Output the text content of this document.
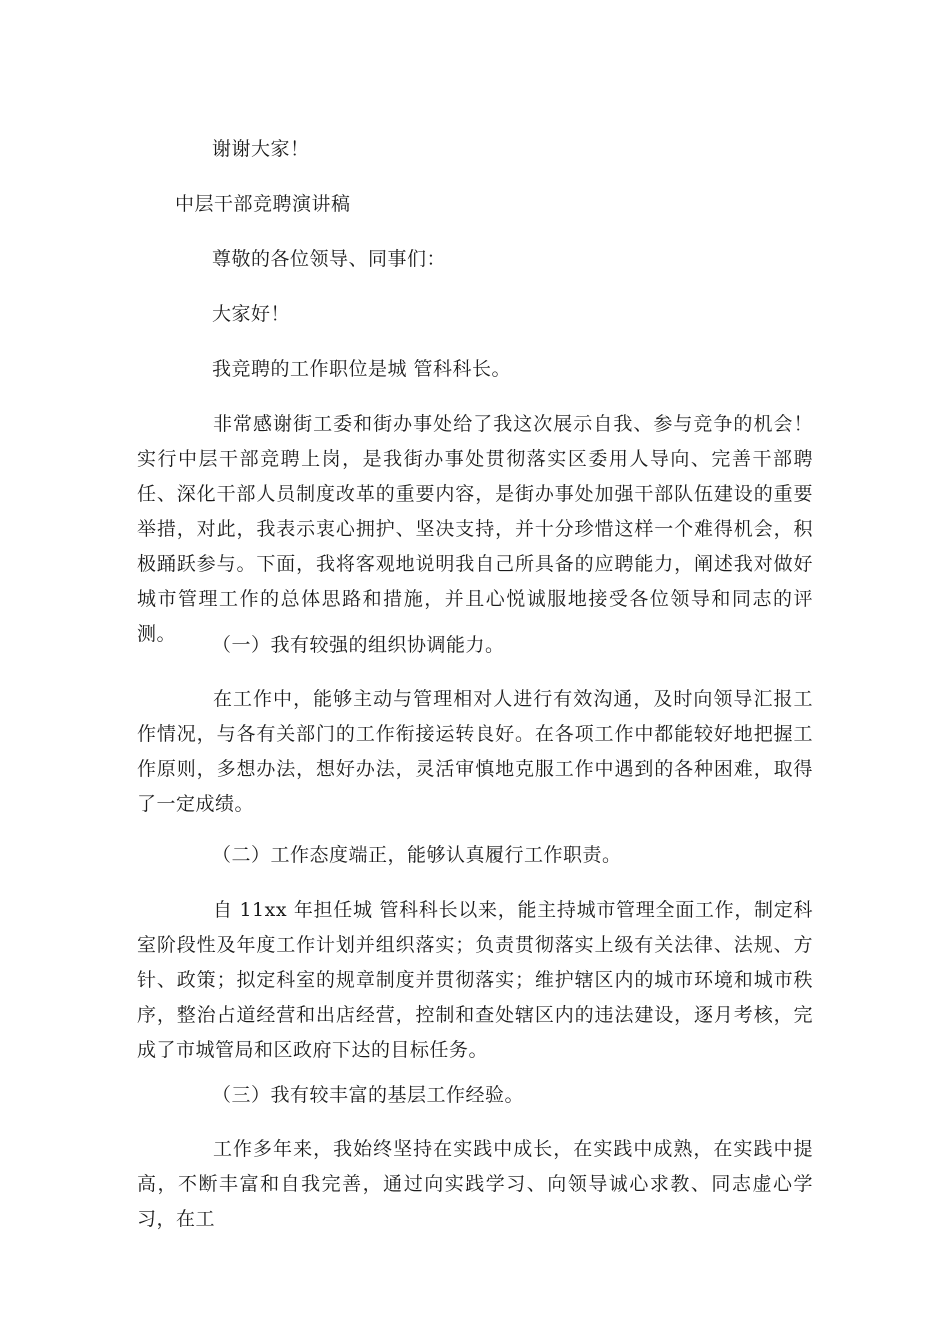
谢谢大家！
中层干部竞聘演讲稿
尊敬的各位领导、同事们：
大家好！
我竞聘的工作职位是城 管科科长。
非常感谢街工委和街办事处给了我这次展示自我、参与竞争的机会！实行中层干部竞聘上岗，是我街办事处贯彻落实区委用人导向、完善干部聘任、深化干部人员制度改革的重要内容，是街办事处加强干部队伍建设的重要举措，对此，我表示衷心拥护、坚决支持，并十分珍惜这样一个难得机会，积极踊跃参与。下面，我将客观地说明我自己所具备的应聘能力，阐述我对做好城市管理工作的总体思路和措施，并且心悦诚服地接受各位领导和同志的评测。	（一）我有较强的组织协调能力。
在工作中，能够主动与管理相对人进行有效沟通，及时向领导汇报工作情况，与各有关部门的工作衔接运转良好。在各项工作中都能较好地把握工作原则，多想办法，想好办法，灵活审慎地克服工作中遇到的各种困难，取得了一定成绩。
（二）工作态度端正，能够认真履行工作职责。
自 11xx 年担任城 管科科长以来，能主持城市管理全面工作，制定科室阶段性及年度工作计划并组织落实；负责贯彻落实上级有关法律、法规、方针、政策；拟定科室的规章制度并贯彻落实；维护辖区内的城市环境和城市秩序，整治占道经营和出店经营，控制和查处辖区内的违法建设，逐月考核，完成了市城管局和区政府下达的目标任务。
（三）我有较丰富的基层工作经验。
工作多年来，我始终坚持在实践中成长，在实践中成熟，在实践中提高，不断丰富和自我完善，通过向实践学习、向领导诚心求教、同志虚心学习，在工
